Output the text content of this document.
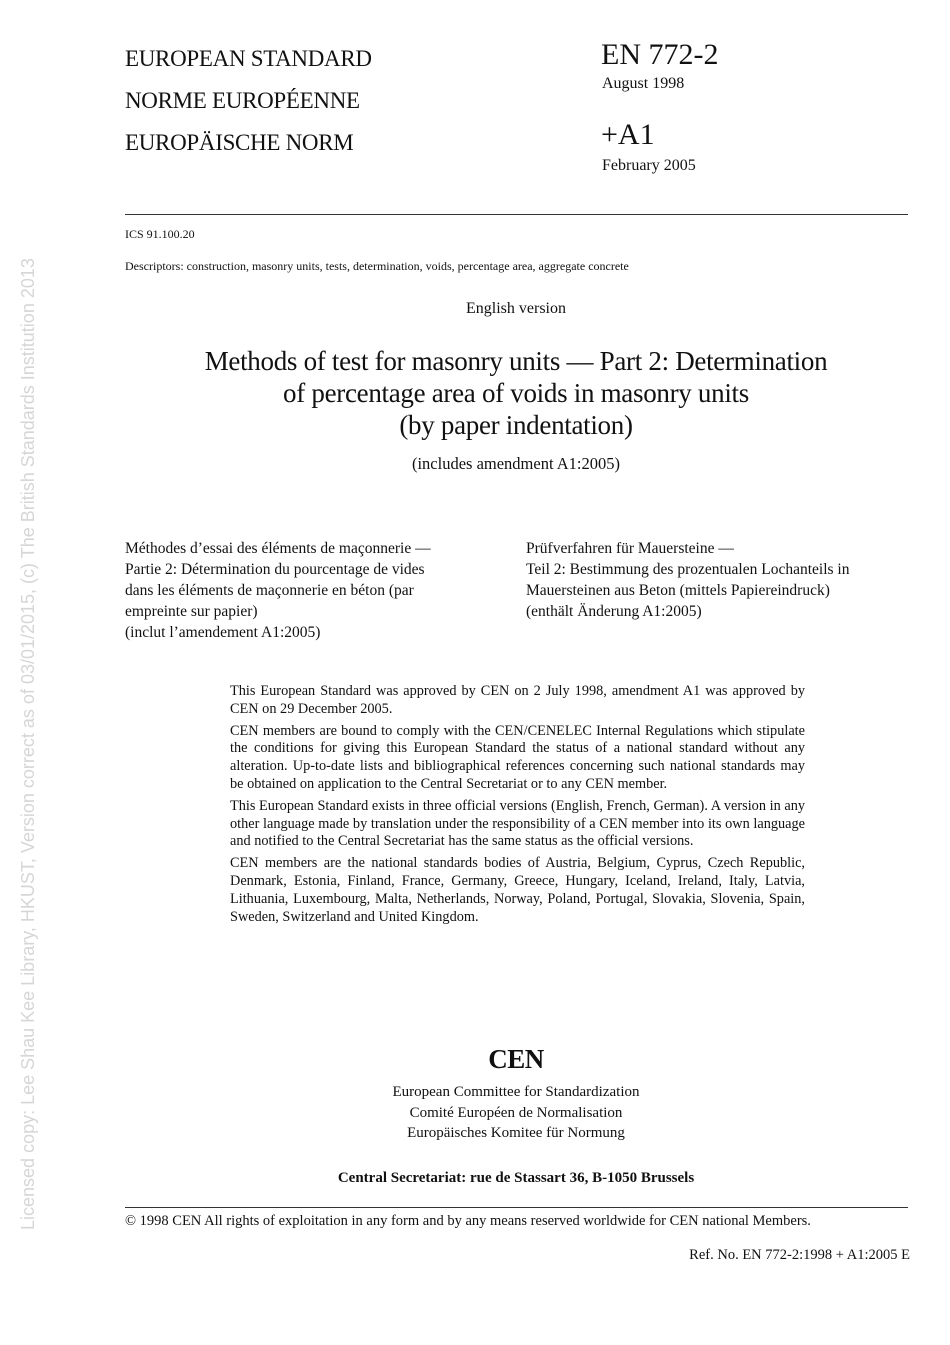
Licensed copy: Lee Shau Kee Library, HKUST, Version correct as of 03/01/2015, (c) The British Standards Institution 2013
EUROPEAN STANDARD
NORME EUROPÉENNE
EUROPÄISCHE NORM
EN 772-2
August 1998
+A1
February 2005
ICS 91.100.20
Descriptors: construction, masonry units, tests, determination, voids, percentage area, aggregate concrete
English version
Methods of test for masonry units — Part 2: Determination
of percentage area of voids in masonry units
(by paper indentation)
(includes amendment A1:2005)
Méthodes d’essai des éléments de maçonnerie —
Partie 2: Détermination du pourcentage de vides
dans les éléments de maçonnerie en béton (par
empreinte sur papier)
(inclut l’amendement A1:2005)
Prüfverfahren für Mauersteine —
Teil 2: Bestimmung des prozentualen Lochanteils in
Mauersteinen aus Beton (mittels Papiereindruck)
(enthält Änderung A1:2005)

This European Standard was approved by CEN on 2 July 1998, amendment A1 was approved by CEN on 29 December 2005.

CEN members are bound to comply with the CEN/CENELEC Internal Regulations which stipulate the conditions for giving this European Standard the status of a national standard without any alteration. Up-to-date lists and bibliographical references concerning such national standards may be obtained on application to the Central Secretariat or to any CEN member.

This European Standard exists in three official versions (English, French, German). A version in any other language made by translation under the responsibility of a CEN member into its own language and notified to the Central Secretariat has the same status as the official versions.

CEN members are the national standards bodies of Austria, Belgium, Cyprus, Czech Republic, Denmark, Estonia, Finland, France, Germany, Greece, Hungary, Iceland, Ireland, Italy, Latvia, Lithuania, Luxembourg, Malta, Netherlands, Norway, Poland, Portugal, Slovakia, Slovenia, Spain, Sweden, Switzerland and United Kingdom.

CEN
European Committee for Standardization
Comité Européen de Normalisation
Europäisches Komitee für Normung
Central Secretariat: rue de Stassart 36, B-1050 Brussels
© 1998 CEN All rights of exploitation in any form and by any means reserved worldwide for CEN national Members.
Ref. No. EN 772-2:1998 + A1:2005 E
